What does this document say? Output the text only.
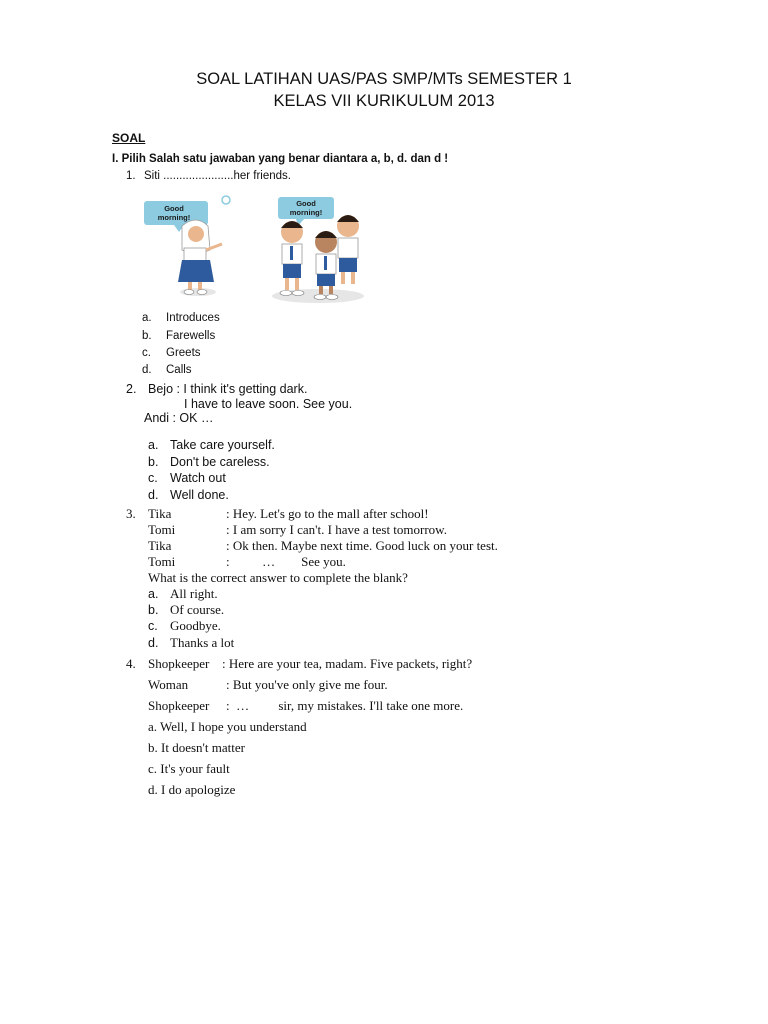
SOAL LATIHAN UAS/PAS SMP/MTs SEMESTER 1
KELAS VII KURIKULUM 2013
SOAL
I. Pilih Salah satu jawaban yang benar diantara a, b, d. dan d !
1. Siti ......................her friends.
Good
morning!
Good
morning!
a. Introduces
b. Farewells
c. Greets
d. Calls
2. Bejo : I think it's getting dark.
I have to leave soon. See you.
Andi : OK …
a. Take care yourself.
b. Don't be careless.
c. Watch out
d. Well done.
3. Tika	: Hey. Let's go to the mall after school!
Tomi	: I am sorry I can't. I have a test tomorrow.
Tika	: Ok then. Maybe next time. Good luck on your test.
Tomi	:          …        See you.
What is the correct answer to complete the blank?
a. All right.
b. Of course.
c. Goodbye.
d. Thanks a lot
4. Shopkeeper : Here are your tea, madam. Five packets, right?
Woman	: But you've only give me four.
Shopkeeper :  …         sir, my mistakes. I'll take one more.
a. Well, I hope you understand
b. It doesn't matter
c. It's your fault
d. I do apologize
